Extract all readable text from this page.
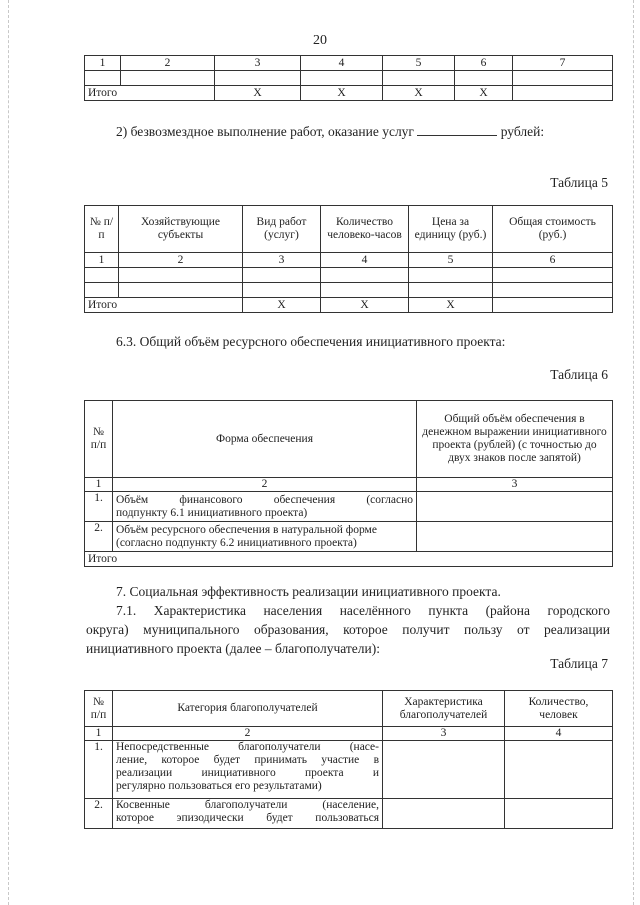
20
1	2	3	4	5	6	7

Итого		X	X	X	X	
2) безвозмездное выполнение работ, оказание услуг	рублей:
Таблица 5
№ п/п	Хозяйствующие субъекты	Вид работ (услуг)	Количество человеко-часов	Цена за единицу (руб.)	Общая стоимость (руб.)
1	2	3	4	5	6

Итого		X	X	X	
6.3. Общий объём ресурсного обеспечения инициативного проекта:
Таблица 6
№ п/п	Форма обеспечения	Общий объём обеспечения в денежном выражении инициативного проекта (рублей) (с точностью до двух знаков после запятой)
1	2	3
1.	Объём финансового обеспечения (согласно
подпункту 6.1 инициативного проекта)	

2.	Объём ресурсного обеспечения в натуральной форме
(согласно подпункту 6.2 инициативного проекта)	

Итого		
7. Социальная эффективность реализации инициативного проекта.
7.1. Характеристика населения населённого пункта (района городского
округа) муниципального образования, которое получит пользу от реализации
инициативного проекта (далее – благополучатели):
Таблица 7
№ п/п	Категория благополучателей	Характеристика благополучателей	Количество, человек
1	2	3	4
1.	Непосредственные благополучатели (насе-
ление, которое будет принимать участие в
реализации инициативного проекта и
регулярно пользоваться его результатами)		

2.	Косвенные благополучатели (население,
которое эпизодически будет пользоваться		
